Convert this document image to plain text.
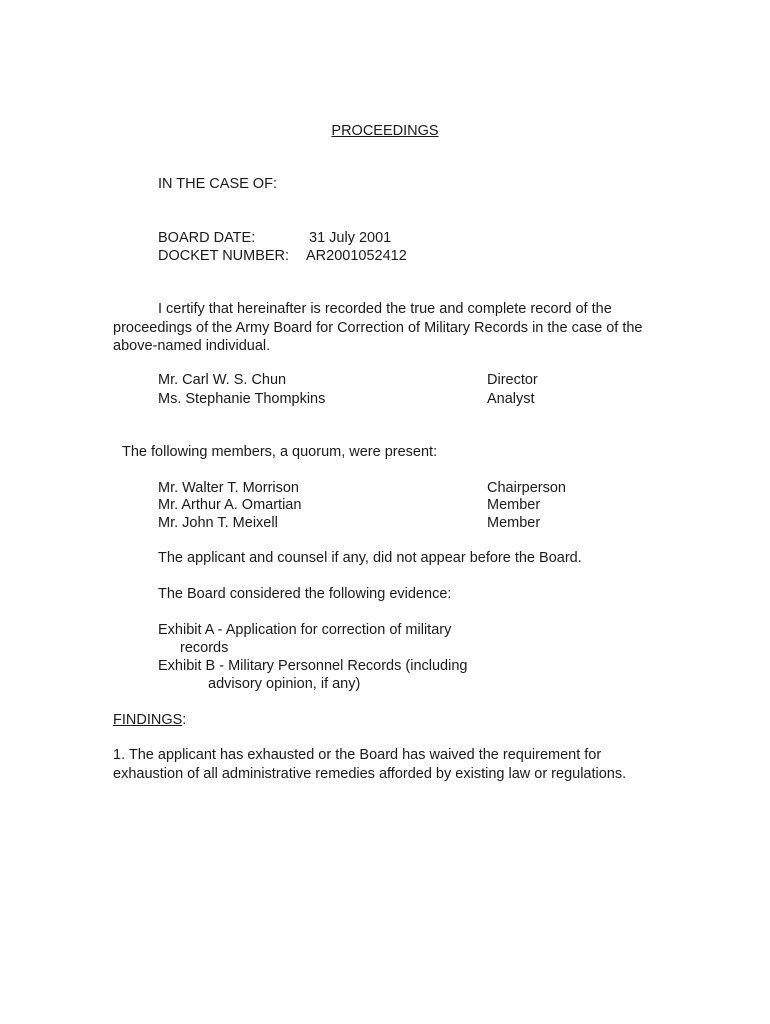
PROCEEDINGS
IN THE CASE OF:
BOARD DATE:	31 July 2001
DOCKET NUMBER: AR2001052412
I certify that hereinafter is recorded the true and complete record of the proceedings of the Army Board for Correction of Military Records in the case of the above-named individual.
Mr. Carl W. S. Chun	Director
Ms. Stephanie Thompkins	Analyst
The following members, a quorum, were present:
Mr. Walter T. Morrison	Chairperson
Mr. Arthur A. Omartian	Member
Mr. John T. Meixell	Member
The applicant and counsel if any, did not appear before the Board.
The Board considered the following evidence:
Exhibit A - Application for correction of military
records
Exhibit B - Military Personnel Records (including
advisory opinion, if any)
FINDINGS:
1. The applicant has exhausted or the Board has waived the requirement for exhaustion of all administrative remedies afforded by existing law or regulations.
